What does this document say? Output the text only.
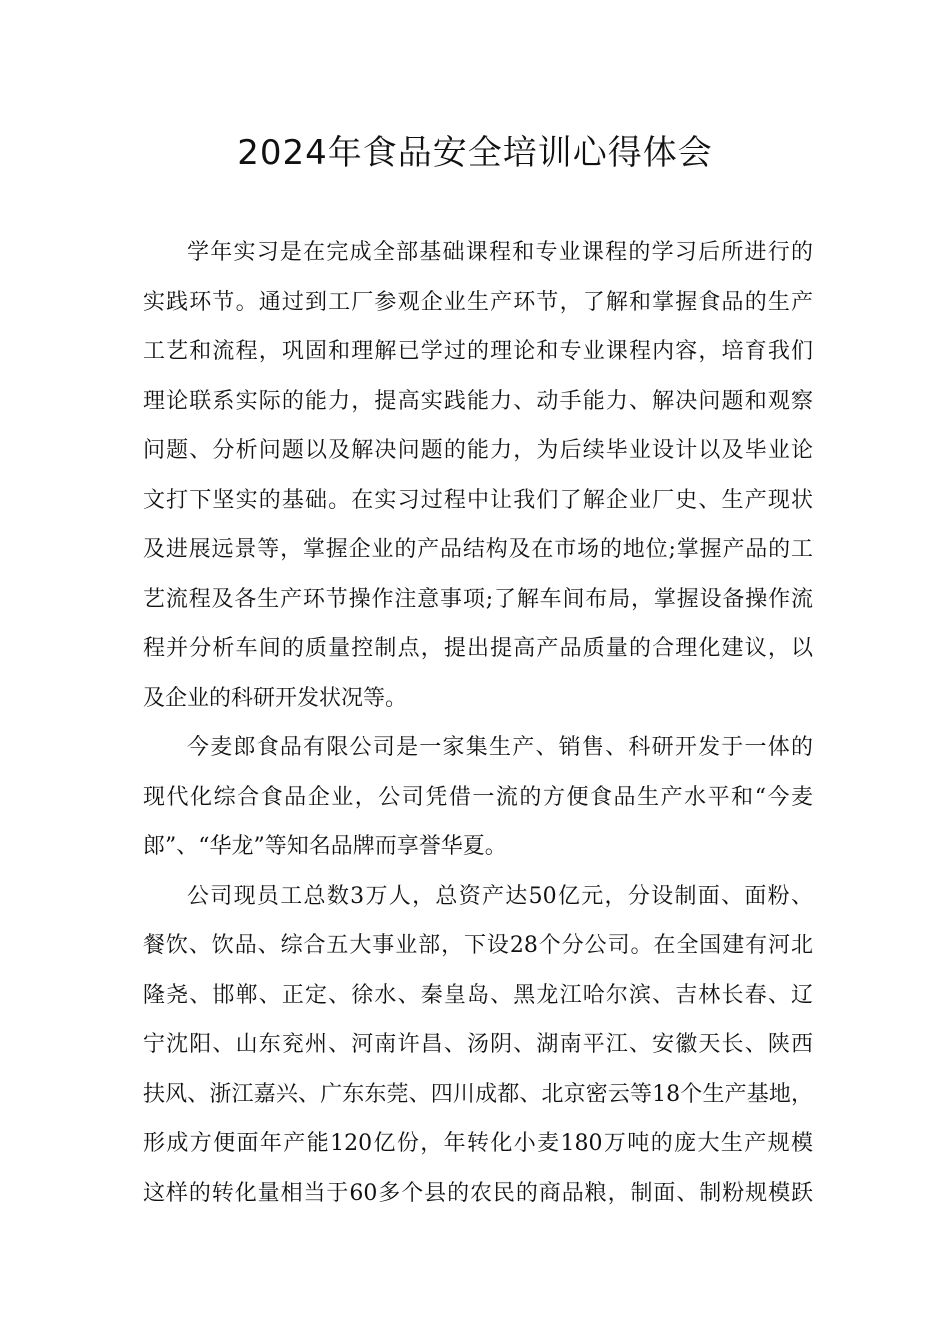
2024年食品安全培训心得体会
学年实习是在完成全部基础课程和专业课程的学习后所进行的
实践环节。通过到工厂参观企业生产环节，了解和掌握食品的生产
工艺和流程，巩固和理解已学过的理论和专业课程内容，培育我们
理论联系实际的能力，提高实践能力、动手能力、解决问题和观察
问题、分析问题以及解决问题的能力，为后续毕业设计以及毕业论
文打下坚实的基础。在实习过程中让我们了解企业厂史、生产现状
及进展远景等，掌握企业的产品结构及在市场的地位;掌握产品的工
艺流程及各生产环节操作注意事项;了解车间布局，掌握设备操作流
程并分析车间的质量控制点，提出提高产品质量的合理化建议，以
及企业的科研开发状况等。
今麦郎食品有限公司是一家集生产、销售、科研开发于一体的
现代化综合食品企业，公司凭借一流的方便食品生产水平和“今麦
郎”、“华龙”等知名品牌而享誉华夏。
公司现员工总数3万人，总资产达50亿元，分设制面、面粉、
餐饮、饮品、综合五大事业部，下设28个分公司。在全国建有河北
隆尧、邯郸、正定、徐水、秦皇岛、黑龙江哈尔滨、吉林长春、辽
宁沈阳、山东兖州、河南许昌、汤阴、湖南平江、安徽天长、陕西
扶风、浙江嘉兴、广东东莞、四川成都、北京密云等18个生产基地，
形成方便面年产能120亿份，年转化小麦180万吨的庞大生产规模
这样的转化量相当于60多个县的农民的商品粮，制面、制粉规模跃
